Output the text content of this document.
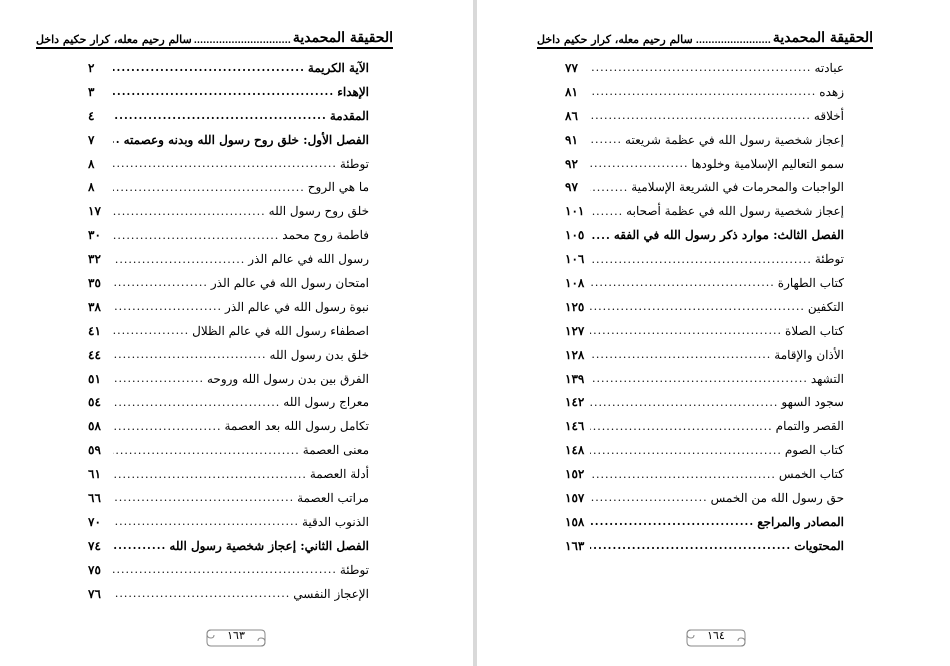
الحقيقة المحمدية
.....
سالم رحيم معله، كرار حكيم داخل
الآية الكريمة
.....
٢
الإهداء
.....
٣
المقدمة
.....
٤
الفصل الأول: خلق روح رسول الله وبدنه وعصمته
.....
٧
توطئة
.....
٨
ما هي الروح
.....
٨
خلق روح رسول الله
.....
١٧
فاطمة روح محمد
.....
٣٠
رسول الله في عالم الذر
.....
٣٢
امتحان رسول الله في عالم الذر
.....
٣٥
نبوة رسول الله في عالم الذر
.....
٣٨
اصطفاء رسول الله في عالم الظلال
.....
٤١
خلق بدن رسول الله
.....
٤٤
الفرق بين بدن رسول الله وروحه
.....
٥١
معراج رسول الله
.....
٥٤
تكامل رسول الله بعد العصمة
.....
٥٨
معنى العصمة
.....
٥٩
أدلة العصمة
.....
٦١
مراتب العصمة
.....
٦٦
الذنوب الدقية
.....
٧٠
الفصل الثاني: إعجاز شخصية رسول الله
.....
٧٤
توطئة
.....
٧٥
الإعجاز النفسي
.....
٧٦
١٦٣
الحقيقة المحمدية
.....
سالم رحيم معله، كرار حكيم داخل
عبادته
.....
٧٧
زهده
.....
٨١
أخلاقه
.....
٨٦
إعجاز شخصية رسول الله في عظمة شريعته
.....
٩١
سمو التعاليم الإسلامية وخلودها
.....
٩٢
الواجبات والمحرمات في الشريعة الإسلامية
.....
٩٧
إعجاز شخصية رسول الله في عظمة أصحابه
.....
١٠١
الفصل الثالث: موارد ذكر رسول الله في الفقه
.....
١٠٥
توطئة
.....
١٠٦
كتاب الطهارة
.....
١٠٨
التكفين
.....
١٢٥
كتاب الصلاة
.....
١٢٧
الأذان والإقامة
.....
١٢٨
التشهد
.....
١٣٩
سجود السهو
.....
١٤٢
القصر والتمام
.....
١٤٦
كتاب الصوم
.....
١٤٨
كتاب الخمس
.....
١٥٢
حق رسول الله من الخمس
.....
١٥٧
المصادر والمراجع
.....
١٥٨
المحتويات
.....
١٦٣
١٦٤
